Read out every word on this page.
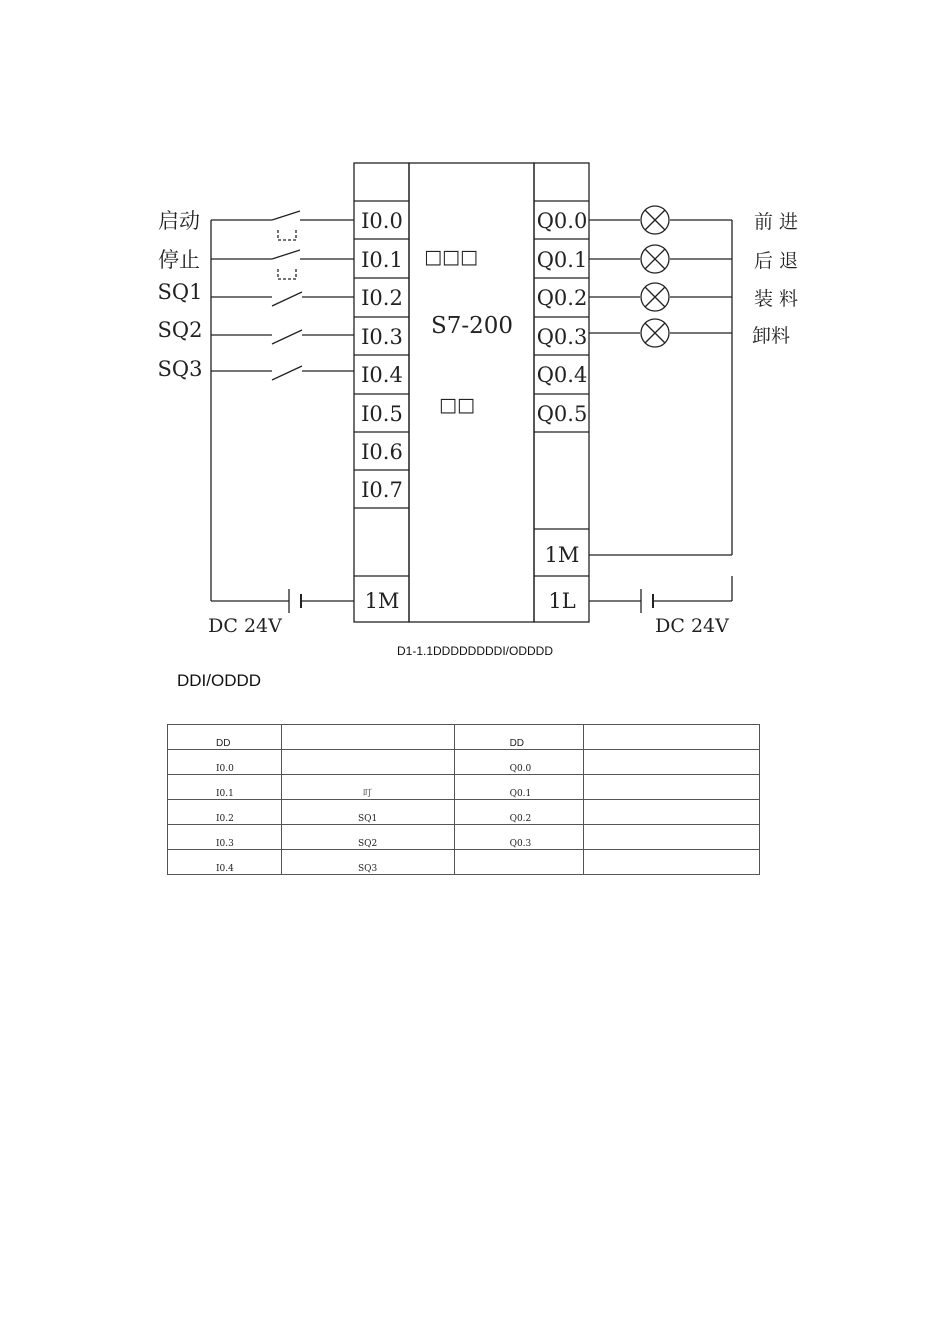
I0.0
I0.1
I0.2
I0.3
I0.4
I0.5
I0.6
I0.7
1M
Q0.0
Q0.1
Q0.2
Q0.3
Q0.4
Q0.5
1M
1L
□□□
S7-200
□□
启动
停止
SQ1
SQ2
SQ3
前 进
后 退
装 料
卸料
DC 24V	DC 24V
D1-1.1DDDDDDDDI/ODDDD
DDI/ODDD
DD		DD	
I0.0		Q0.0	
I0.1	叮	Q0.1	
I0.2	SQ1	Q0.2	
I0.3	SQ2	Q0.3	
I0.4	SQ3		
